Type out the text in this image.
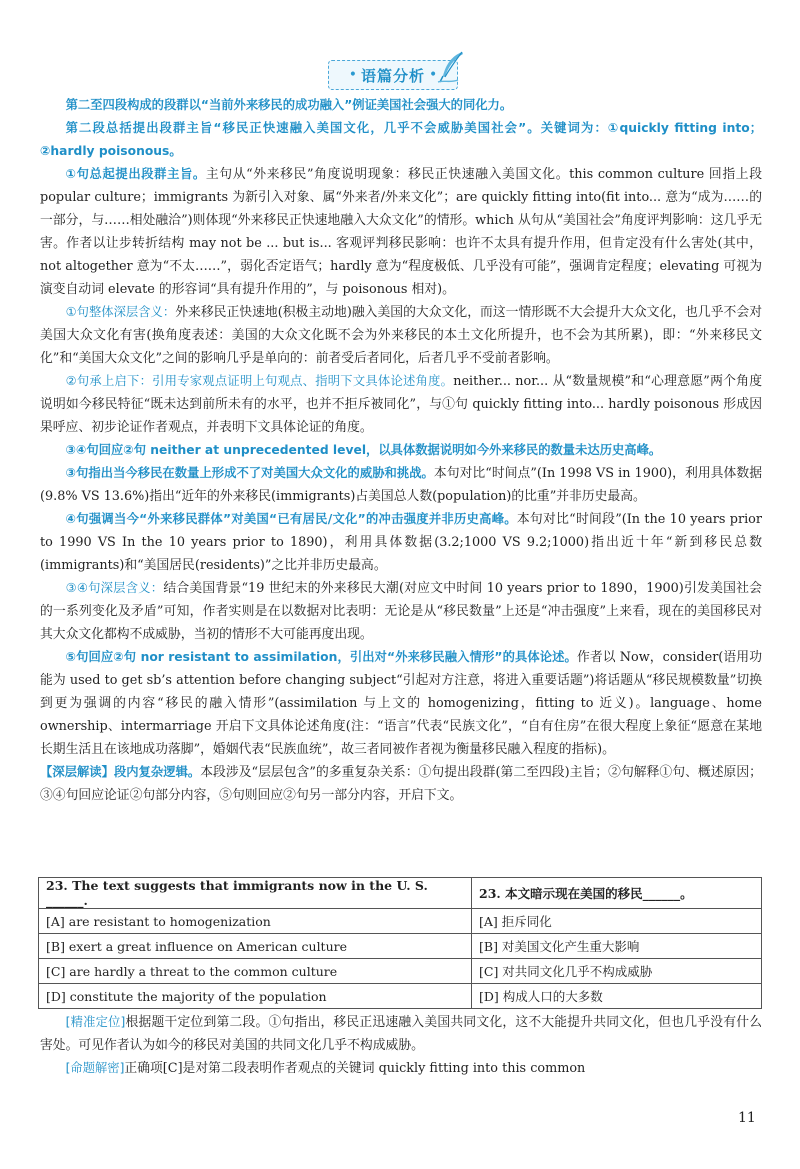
• 语篇分析 •

第二至四段构成的段群以“当前外来移民的成功融入”例证美国社会强大的同化力。

第二段总括提出段群主旨“移民正快速融入美国文化，几乎不会威胁美国社会”。关键词为：①quickly fitting into；②hardly poisonous。

①句总起提出段群主旨。主句从“外来移民”角度说明现象：移民正快速融入美国文化。this common culture 回指上段 popular culture；immigrants 为新引入对象、属“外来者/外来文化”；are quickly fitting into(fit into... 意为“成为……的一部分，与……相处融洽”)则体现“外来移民正快速地融入大众文化”的情形。which 从句从“美国社会”角度评判影响：这几乎无害。作者以让步转折结构 may not be ... but is... 客观评判移民影响：也许不太具有提升作用，但肯定没有什么害处(其中，not altogether 意为“不太……”，弱化否定语气；hardly 意为“程度极低、几乎没有可能”，强调肯定程度；elevating 可视为演变自动词 elevate 的形容词“具有提升作用的”，与 poisonous 相对)。

①句整体深层含义：外来移民正快速地(积极主动地)融入美国的大众文化，而这一情形既不大会提升大众文化，也几乎不会对美国大众文化有害(换角度表述：美国的大众文化既不会为外来移民的本土文化所提升，也不会为其所累)，即：“外来移民文化”和“美国大众文化”之间的影响几乎是单向的：前者受后者同化，后者几乎不受前者影响。

②句承上启下：引用专家观点证明上句观点、指明下文具体论述角度。neither... nor... 从“数量规模”和“心理意愿”两个角度说明如今移民特征“既未达到前所未有的水平，也并不拒斥被同化”，与①句 quickly fitting into... hardly poisonous 形成因果呼应、初步论证作者观点，并表明下文具体论证的角度。

③④句回应②句 neither at unprecedented level，以具体数据说明如今外来移民的数量未达历史高峰。

③句指出当今移民在数量上形成不了对美国大众文化的威胁和挑战。本句对比“时间点”(In 1998 VS in 1900)，利用具体数据(9.8% VS 13.6%)指出“近年的外来移民(immigrants)占美国总人数(population)的比重”并非历史最高。

④句强调当今“外来移民群体”对美国“已有居民/文化”的冲击强度并非历史高峰。本句对比“时间段”(In the 10 years prior to 1990 VS In the 10 years prior to 1890)，利用具体数据(3.2;1000 VS 9.2;1000)指出近十年“新到移民总数(immigrants)和“美国居民(residents)”之比并非历史最高。

③④句深层含义：结合美国背景“19 世纪末的外来移民大潮(对应文中时间 10 years prior to 1890，1900)引发美国社会的一系列变化及矛盾”可知，作者实则是在以数据对比表明：无论是从“移民数量”上还是“冲击强度”上来看，现在的美国移民对其大众文化都构不成威胁，当初的情形不大可能再度出现。

⑤句回应②句 nor resistant to assimilation，引出对“外来移民融入情形”的具体论述。作者以 Now，consider(语用功能为 used to get sb’s attention before changing subject“引起对方注意，将进入重要话题”)将话题从“移民规模数量”切换到更为强调的内容“移民的融入情形”(assimilation 与上文的 homogenizing，fitting to 近义)。language、home ownership、intermarriage 开启下文具体论述角度(注：“语言”代表“民族文化”，“自有住房”在很大程度上象征“愿意在某地长期生活且在该地成功落脚”，婚姻代表“民族血统”，故三者同被作者视为衡量移民融入程度的指标)。

【深层解读】段内复杂逻辑。本段涉及“层层包含”的多重复杂关系：①句提出段群(第二至四段)主旨；②句解释①句、概述原因；③④句回应论证②句部分内容，⑤句则回应②句另一部分内容，开启下文。

23. The text suggests that immigrants now in the U. S. ______.	23. 本文暗示现在美国的移民______。
[A] are resistant to homogenization	[A] 拒斥同化
[B] exert a great influence on American culture	[B] 对美国文化产生重大影响
[C] are hardly a threat to the common culture	[C] 对共同文化几乎不构成威胁
[D] constitute the majority of the population	[D] 构成人口的大多数

[精准定位]根据题干定位到第二段。①句指出，移民正迅速融入美国共同文化，这不大能提升共同文化，但也几乎没有什么害处。可见作者认为如今的移民对美国的共同文化几乎不构成威胁。

[命题解密]正确项[C]是对第二段表明作者观点的关键词 quickly fitting into this common

11
